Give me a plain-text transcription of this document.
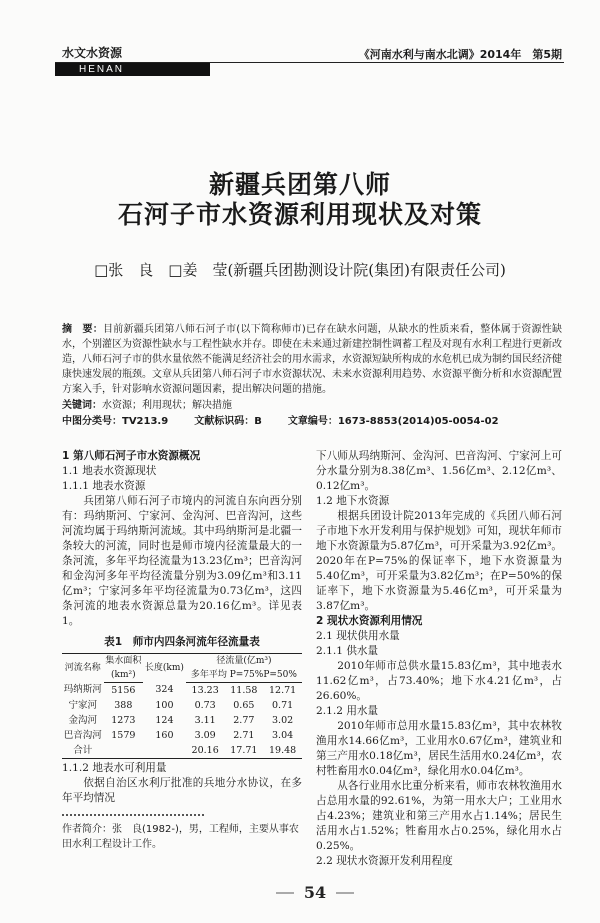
水文水资源	《河南水利与南水北调》2014年　第5期
HENAN
新疆兵团第八师
石河子市水资源利用现状及对策
□张　良　□姜　莹(新疆兵团勘测设计院(集团)有限责任公司)
摘　要：目前新疆兵团第八师石河子市(以下简称师市)已存在缺水问题，从缺水的性质来看，整体属于资源性缺水，个别灌区为资源性缺水与工程性缺水并存。即使在未来通过新建控制性调蓄工程及对现有水利工程进行更新改造，八师石河子市的供水量依然不能满足经济社会的用水需求，水资源短缺所构成的水危机已成为制约国民经济健康快速发展的瓶颈。文章从兵团第八师石河子市水资源状况、未来水资源利用趋势、水资源平衡分析和水资源配置方案入手，针对影响水资源问题因素，提出解决问题的措施。
关键词：水资源；利用现状；解决措施
中图分类号：TV213.9	文献标识码：B	文章编号：1673-8853(2014)05-0054-02
1 第八师石河子市水资源概况
1.1 地表水资源现状
1.1.1 地表水资源
兵团第八师石河子市境内的河流自东向西分别有：玛纳斯河、宁家河、金沟河、巴音沟河，这些河流均属于玛纳斯河流域。其中玛纳斯河是北疆一条较大的河流，同时也是师市境内径流量最大的一条河流，多年平均径流量为13.23亿m³；巴音沟河和金沟河多年平均径流量分别为3.09亿m³和3.11亿m³；宁家河多年平均径流量为0.73亿m³，这四条河流的地表水资源总量为20.16亿m³。详见表1。
表1　师市内四条河流年径流量表
河流名称	集水面积	长度(km)	径流量(亿m³)		
	(km²)		多年平均 P=75%P=50%		
玛纳斯河	5156	324	13.23	11.58	12.71
宁家河	388	100	0.73	0.65	0.71
金沟河	1273	124	3.11	2.77	3.02
巴音沟河	1579	160	3.09	2.71	3.04
合计			20.16	17.71	19.48
1.1.2 地表水可利用量
依据自治区水利厅批准的兵地分水协议，在多年平均情况
作者简介：张　良(1982-)，男，工程师，主要从事农田水利工程设计工作。
下八师从玛纳斯河、金沟河、巴音沟河、宁家河上可分水量分别为8.38亿m³、1.56亿m³、2.12亿m³、0.12亿m³。
1.2 地下水资源
根据兵团设计院2013年完成的《兵团八师石河子市地下水开发利用与保护规划》可知，现状年师市地下水资源量为5.87亿m³，可开采量为3.92亿m³。2020年在P=75%的保证率下，地下水资源量为5.40亿m³，可开采量为3.82亿m³；在P=50%的保证率下，地下水资源量为5.46亿m³，可开采量为3.87亿m³。
2 现状水资源利用情况
2.1 现状供用水量
2.1.1 供水量
2010年师市总供水量15.83亿m³，其中地表水11.62亿m³，占73.40%；地下水4.21亿m³，占26.60%。
2.1.2 用水量
2010年师市总用水量15.83亿m³，其中农林牧渔用水14.66亿m³，工业用水0.67亿m³，建筑业和第三产用水0.18亿m³，居民生活用水0.24亿m³，农村牲畜用水0.04亿m³，绿化用水0.04亿m³。
从各行业用水比重分析来看，师市农林牧渔用水占总用水量的92.61%，为第一用水大户；工业用水占4.23%；建筑业和第三产用水占1.14%；居民生活用水占1.52%；牲畜用水占0.25%，绿化用水占0.25%。
2.2 现状水资源开发利用程度
54
